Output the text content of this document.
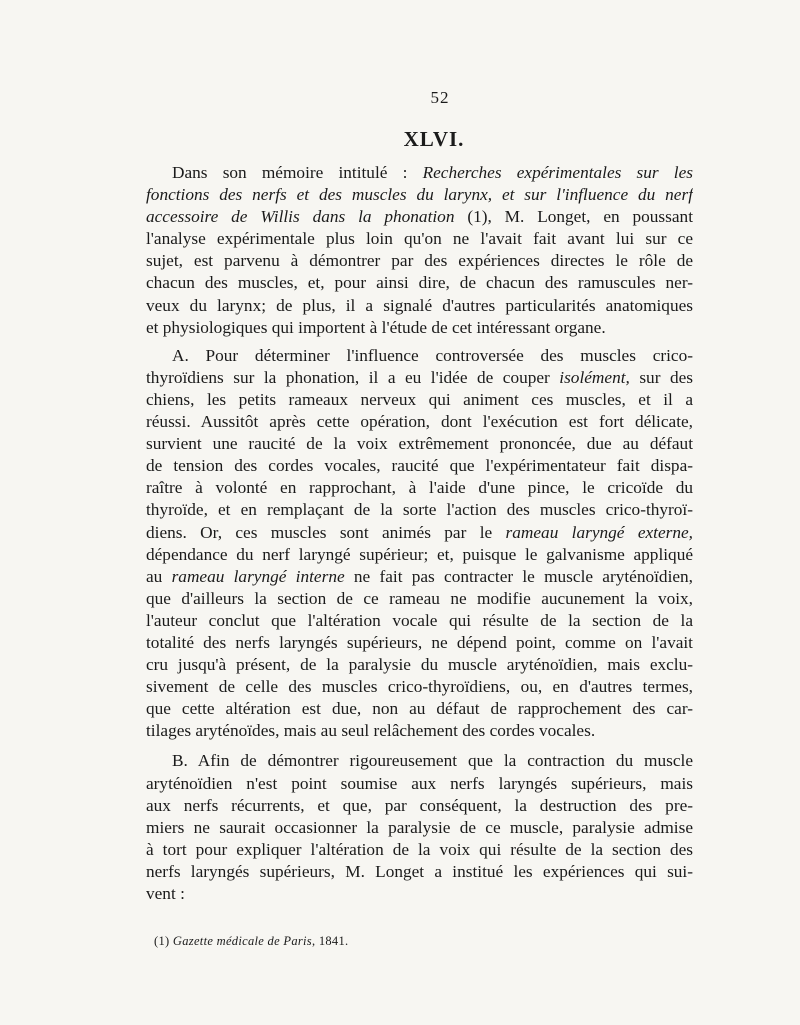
52
XLVI.
Dans son mémoire intitulé : Recherches expérimentales sur les
fonctions des nerfs et des muscles du larynx, et sur l'influence du nerf
accessoire de Willis dans la phonation (1), M. Longet, en poussant
l'analyse expérimentale plus loin qu'on ne l'avait fait avant lui sur ce
sujet, est parvenu à démontrer par des expériences directes le rôle de
chacun des muscles, et, pour ainsi dire, de chacun des ramuscules ner-
veux du larynx; de plus, il a signalé d'autres particularités anatomiques
et physiologiques qui importent à l'étude de cet intéressant organe.
A. Pour déterminer l'influence controversée des muscles crico-
thyroïdiens sur la phonation, il a eu l'idée de couper isolément, sur des
chiens, les petits rameaux nerveux qui animent ces muscles, et il a
réussi. Aussitôt après cette opération, dont l'exécution est fort délicate,
survient une raucité de la voix extrêmement prononcée, due au défaut
de tension des cordes vocales, raucité que l'expérimentateur fait dispa-
raître à volonté en rapprochant, à l'aide d'une pince, le cricoïde du
thyroïde, et en remplaçant de la sorte l'action des muscles crico-thyroï-
diens. Or, ces muscles sont animés par le rameau laryngé externe,
dépendance du nerf laryngé supérieur; et, puisque le galvanisme appliqué
au rameau laryngé interne ne fait pas contracter le muscle aryténoïdien,
que d'ailleurs la section de ce rameau ne modifie aucunement la voix,
l'auteur conclut que l'altération vocale qui résulte de la section de la
totalité des nerfs laryngés supérieurs, ne dépend point, comme on l'avait
cru jusqu'à présent, de la paralysie du muscle aryténoïdien, mais exclu-
sivement de celle des muscles crico-thyroïdiens, ou, en d'autres termes,
que cette altération est due, non au défaut de rapprochement des car-
tilages aryténoïdes, mais au seul relâchement des cordes vocales.
B. Afin de démontrer rigoureusement que la contraction du muscle
aryténoïdien n'est point soumise aux nerfs laryngés supérieurs, mais
aux nerfs récurrents, et que, par conséquent, la destruction des pre-
miers ne saurait occasionner la paralysie de ce muscle, paralysie admise
à tort pour expliquer l'altération de la voix qui résulte de la section des
nerfs laryngés supérieurs, M. Longet a institué les expériences qui sui-
vent :
(1) Gazette médicale de Paris, 1841.
